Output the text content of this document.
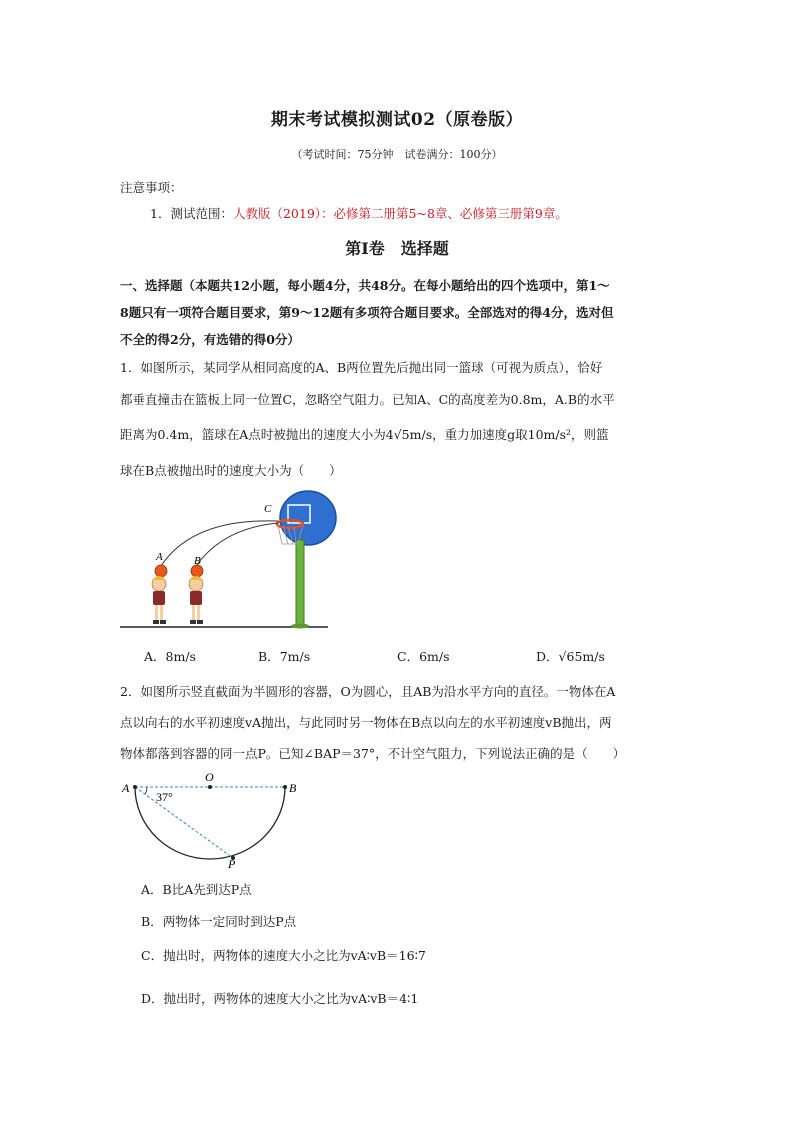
期末考试模拟测试02（原卷版）
（考试时间：75分钟　试卷满分：100分）
注意事项：
1．测试范围：人教版（2019）：必修第二册第5~8章、必修第三册第9章。
第Ⅰ卷　选择题
一、选择题（本题共12小题，每小题4分，共48分。在每小题给出的四个选项中，第1～
8题只有一项符合题目要求，第9～12题有多项符合题目要求。全部选对的得4分，选对但
不全的得2分，有选错的得0分）
1．如图所示，某同学从相同高度的A、B两位置先后抛出同一篮球（可视为质点），恰好
都垂直撞击在篮板上同一位置C，忽略空气阻力。已知A、C的高度差为0.8m，A.B的水平
距离为0.4m，篮球在A点时被抛出的速度大小为4√5m/s，重力加速度g取10m/s²，则篮
球在B点被抛出时的速度大小为（　　）
A	B
C
A．8m/s	B．7m/s	C．6m/s	D．√65m/s
2．如图所示竖直截面为半圆形的容器，O为圆心，且AB为沿水平方向的直径。一物体在A
点以向右的水平初速度vA抛出，与此同时另一物体在B点以向左的水平初速度vB抛出，两
物体都落到容器的同一点P。已知∠BAP＝37°，不计空气阻力，下列说法正确的是（　　）
A
O
B
P
37°
A．B比A先到达P点
B．两物体一定同时到达P点
C．抛出时，两物体的速度大小之比为vA∶vB＝16∶7
D．抛出时，两物体的速度大小之比为vA∶vB＝4∶1
